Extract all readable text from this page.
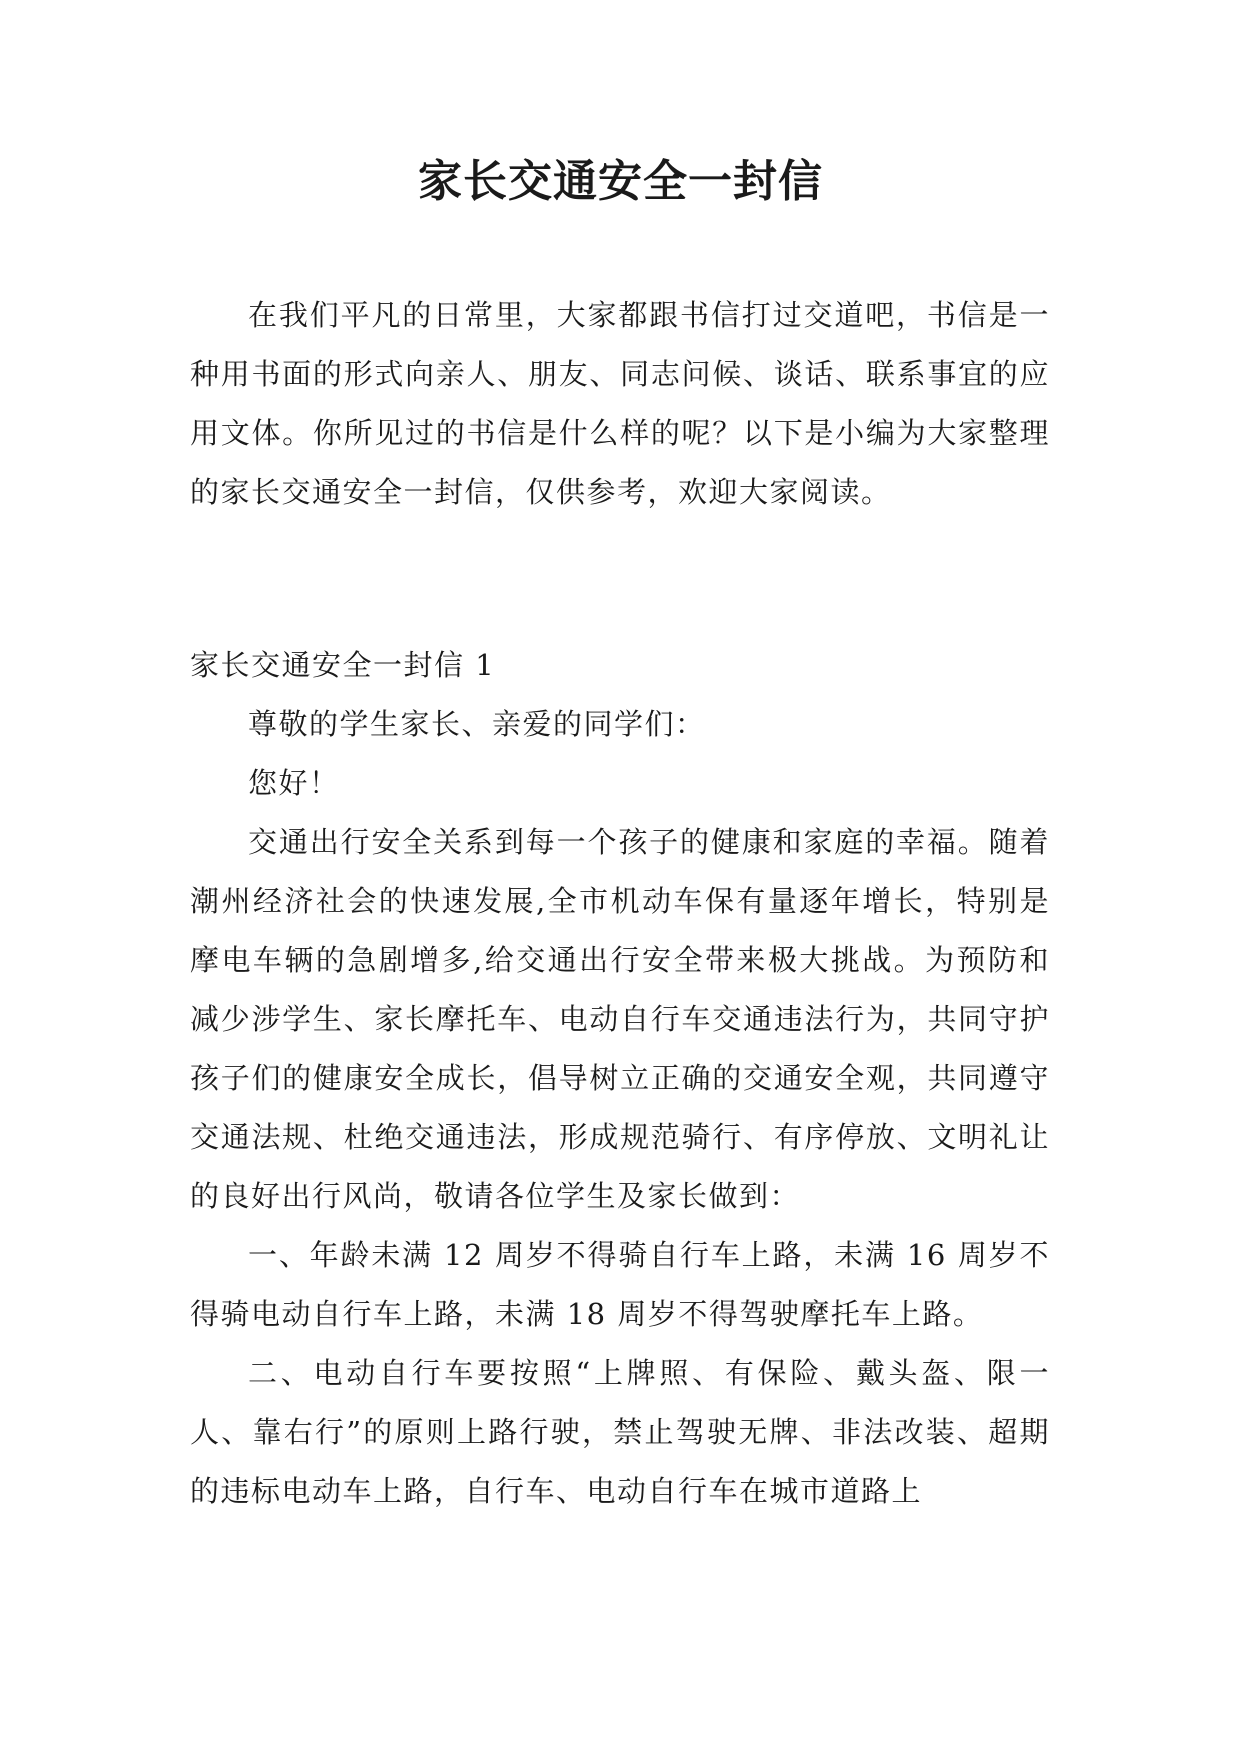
家长交通安全一封信

在我们平凡的日常里，大家都跟书信打过交道吧，书信是一种用书面的形式向亲人、朋友、同志问候、谈话、联系事宜的应用文体。你所见过的书信是什么样的呢？以下是小编为大家整理的家长交通安全一封信，仅供参考，欢迎大家阅读。

家长交通安全一封信 1

尊敬的学生家长、亲爱的同学们：

您好！

交通出行安全关系到每一个孩子的健康和家庭的幸福。随着潮州经济社会的快速发展,全市机动车保有量逐年增长，特别是摩电车辆的急剧增多,给交通出行安全带来极大挑战。为预防和减少涉学生、家长摩托车、电动自行车交通违法行为，共同守护孩子们的健康安全成长，倡导树立正确的交通安全观，共同遵守交通法规、杜绝交通违法，形成规范骑行、有序停放、文明礼让的良好出行风尚，敬请各位学生及家长做到：

一、年龄未满 12 周岁不得骑自行车上路，未满 16 周岁不得骑电动自行车上路，未满 18 周岁不得驾驶摩托车上路。

二、电动自行车要按照“上牌照、有保险、戴头盔、限一人、靠右行”的原则上路行驶，禁止驾驶无牌、非法改装、超期的违标电动车上路，自行车、电动自行车在城市道路上
